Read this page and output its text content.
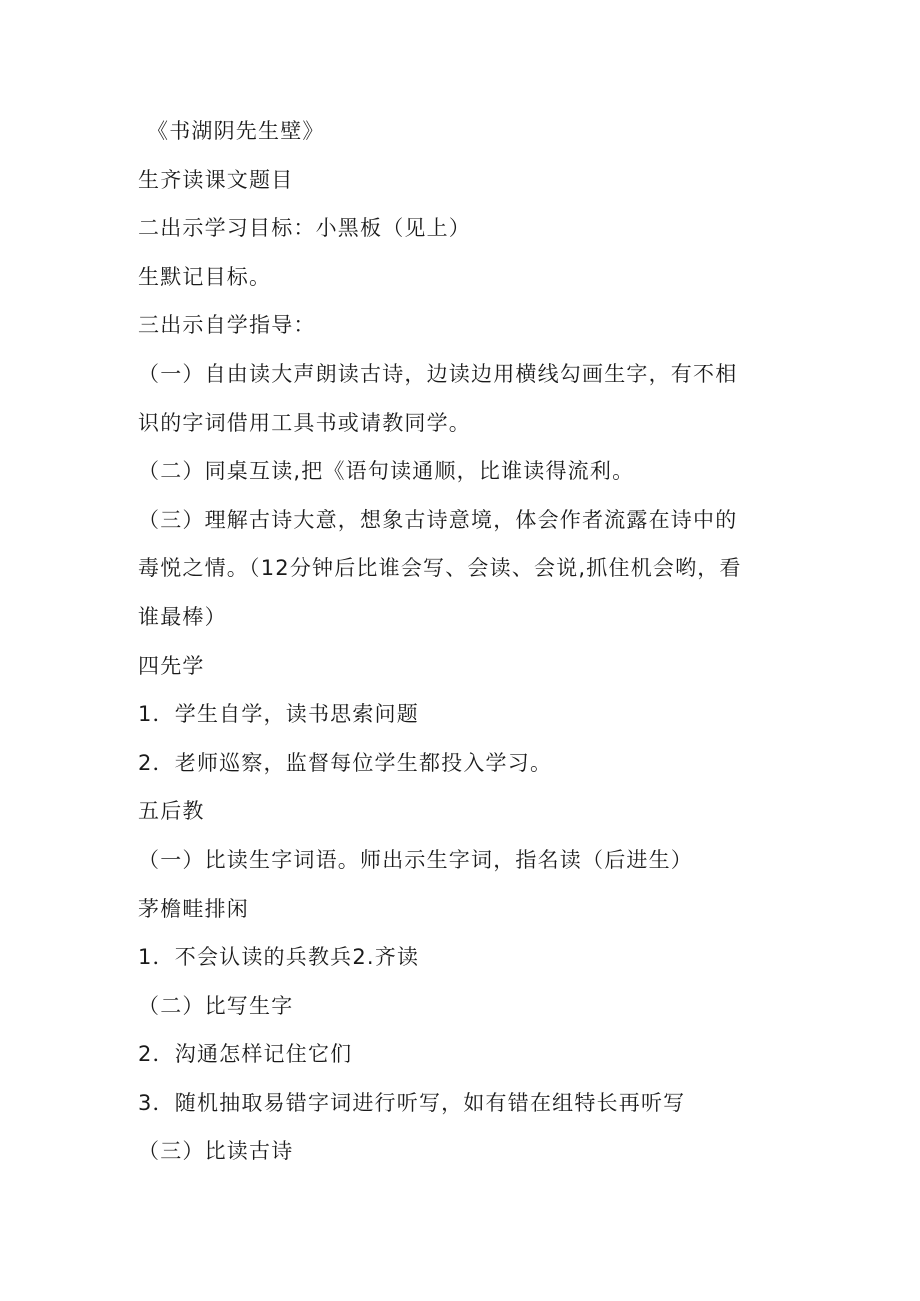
《书湖阴先生壁》

生齐读课文题目

二出示学习目标：小黑板（见上）

生默记目标。

三出示自学指导：

（一）自由读大声朗读古诗，边读边用横线勾画生字，有不相

识的字词借用工具书或请教同学。

（二）同桌互读,把《语句读通顺，比谁读得流利。

（三）理解古诗大意，想象古诗意境，体会作者流露在诗中的

毒悦之情。（12分钟后比谁会写、会读、会说,抓住机会哟，看

谁最棒）

四先学

1．学生自学，读书思索问题

2．老师巡察，监督每位学生都投入学习。

五后教

（一）比读生字词语。师出示生字词，指名读（后进生）

茅檐畦排闲

1．不会认读的兵教兵2.齐读

（二）比写生字

2．沟通怎样记住它们

3．随机抽取易错字词进行听写，如有错在组特长再听写

（三）比读古诗
